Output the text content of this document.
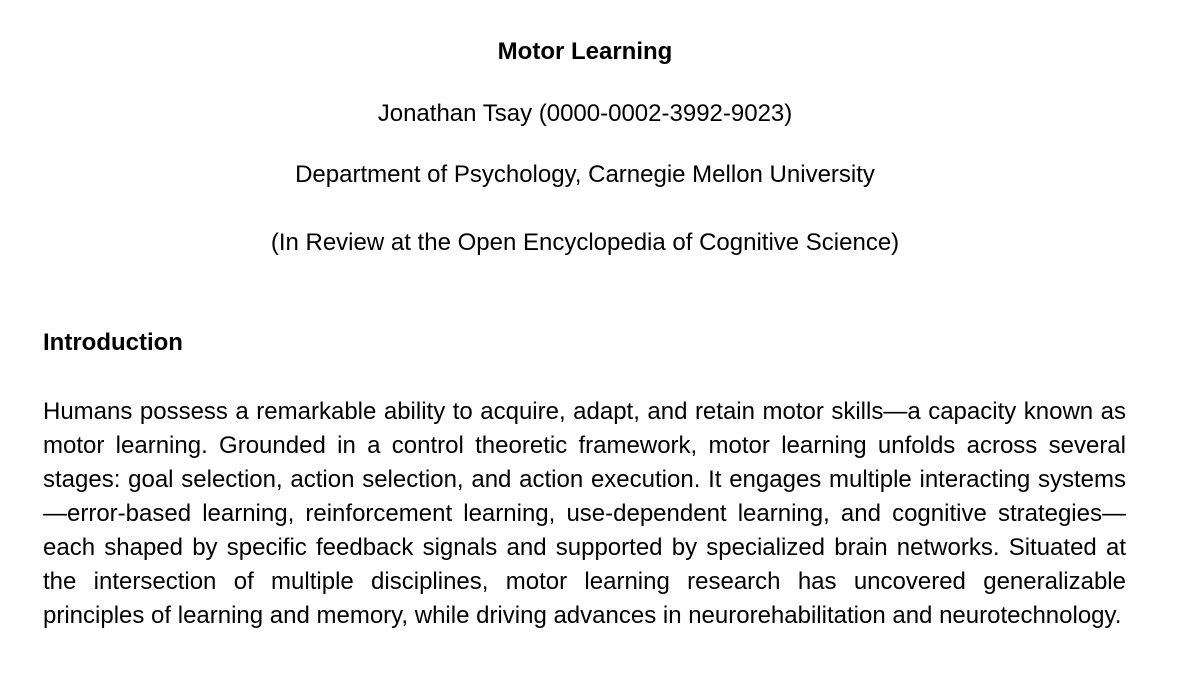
Motor Learning
Jonathan Tsay (0000-0002-3992-9023)
Department of Psychology, Carnegie Mellon University
(In Review at the Open Encyclopedia of Cognitive Science)
Introduction

Humans possess a remarkable ability to acquire, adapt, and retain motor skills—a capacity known as motor learning. Grounded in a control theoretic framework, motor learning unfolds across several stages: goal selection, action selection, and action execution. It engages multiple interacting systems—error-based learning, reinforcement learning, use-dependent learning, and cognitive strategies—each shaped by specific feedback signals and supported by specialized brain networks. Situated at the intersection of multiple disciplines, motor learning research has uncovered generalizable principles of learning and memory, while driving advances in neurorehabilitation and neurotechnology.
